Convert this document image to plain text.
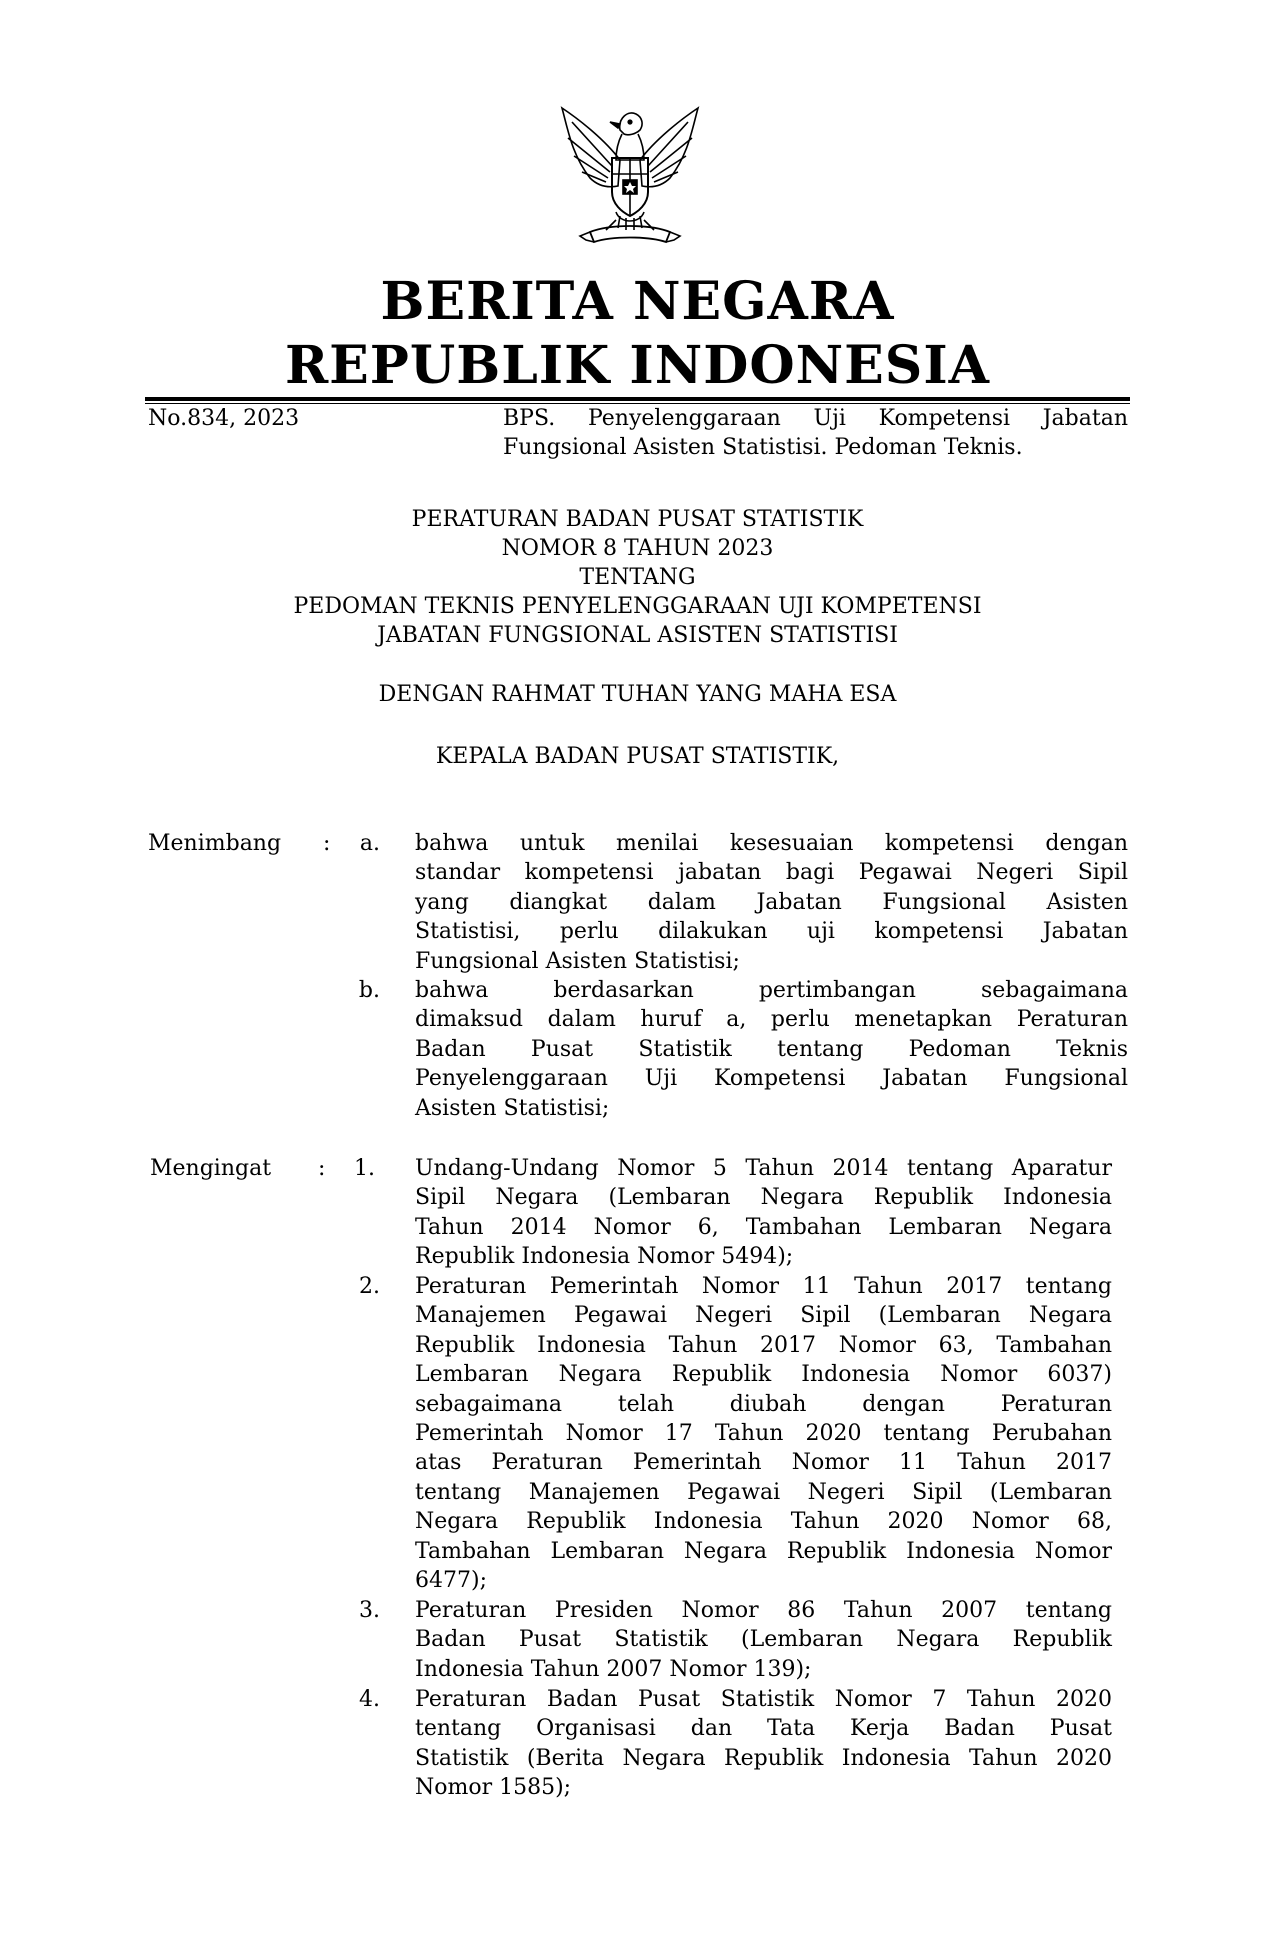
BERITA NEGARA
REPUBLIK INDONESIA
No.834, 2023	BPS. Penyelenggaraan Uji Kompetensi Jabatan
Fungsional Asisten Statistisi. Pedoman Teknis.
PERATURAN BADAN PUSAT STATISTIK
NOMOR 8 TAHUN 2023
TENTANG
PEDOMAN TEKNIS PENYELENGGARAAN UJI KOMPETENSI
JABATAN FUNGSIONAL ASISTEN STATISTISI
DENGAN RAHMAT TUHAN YANG MAHA ESA
KEPALA BADAN PUSAT STATISTIK,
Menimbang :	a. bahwa untuk menilai kesesuaian kompetensi dengan
standar kompetensi jabatan bagi Pegawai Negeri Sipil
yang diangkat dalam Jabatan Fungsional Asisten
Statistisi, perlu dilakukan uji kompetensi Jabatan
Fungsional Asisten Statistisi;
b. bahwa berdasarkan pertimbangan sebagaimana
dimaksud dalam huruf a, perlu menetapkan Peraturan
Badan Pusat Statistik tentang Pedoman Teknis
Penyelenggaraan Uji Kompetensi Jabatan Fungsional
Asisten Statistisi;
Mengingat :	1. Undang-Undang Nomor 5 Tahun 2014 tentang Aparatur
Sipil Negara (Lembaran Negara Republik Indonesia
Tahun 2014 Nomor 6, Tambahan Lembaran Negara
Republik Indonesia Nomor 5494);
2. Peraturan Pemerintah Nomor 11 Tahun 2017 tentang
Manajemen Pegawai Negeri Sipil (Lembaran Negara
Republik Indonesia Tahun 2017 Nomor 63, Tambahan
Lembaran Negara Republik Indonesia Nomor 6037)
sebagaimana telah diubah dengan Peraturan
Pemerintah Nomor 17 Tahun 2020 tentang Perubahan
atas Peraturan Pemerintah Nomor 11 Tahun 2017
tentang Manajemen Pegawai Negeri Sipil (Lembaran
Negara Republik Indonesia Tahun 2020 Nomor 68,
Tambahan Lembaran Negara Republik Indonesia Nomor
6477);
3. Peraturan Presiden Nomor 86 Tahun 2007 tentang
Badan Pusat Statistik (Lembaran Negara Republik
Indonesia Tahun 2007 Nomor 139);
4. Peraturan Badan Pusat Statistik Nomor 7 Tahun 2020
tentang Organisasi dan Tata Kerja Badan Pusat
Statistik (Berita Negara Republik Indonesia Tahun 2020
Nomor 1585);
